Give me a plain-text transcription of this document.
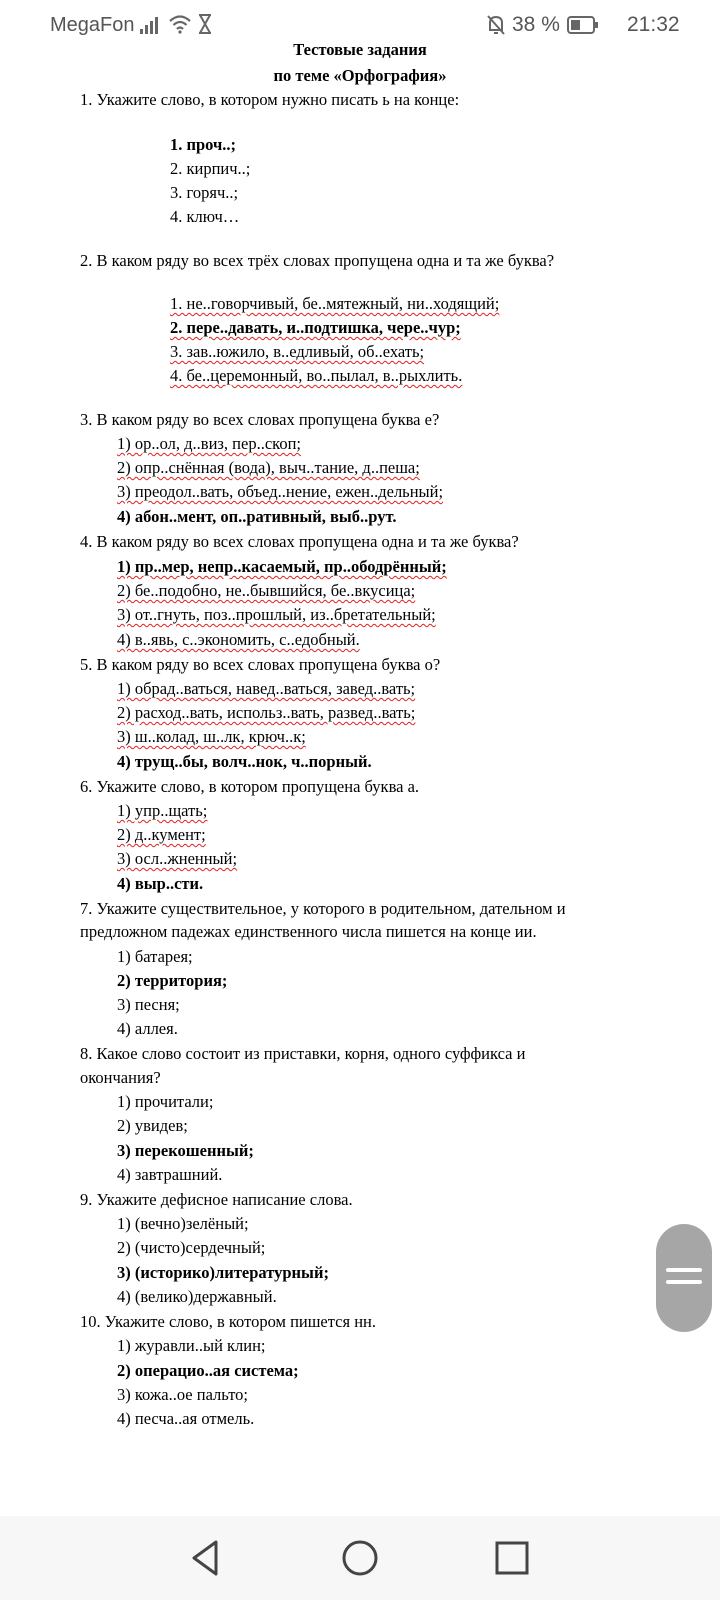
MegaFon	38 %	21:32
Тестовые задания
по теме «Орфография»
1. Укажите слово, в котором нужно писать ь на конце:
1. проч..;
2. кирпич..;
3. горяч..;
4. ключ…
2. В каком ряду во всех трёх словах пропущена одна и та же буква?
1. не..говорчивый, бе..мятежный, ни..ходящий;
2. пере..давать, и..подтишка, чере..чур;
3. зав..южило, в..едливый, об..ехать;
4. бе..церемонный, во..пылал, в..рыхлить.
3. В каком ряду во всех словах пропущена буква е?
1) ор..ол, д..виз, пер..скоп;
2) опр..снённая (вода), выч..тание, д..пеша;
3) преодол..вать, объед..нение, ежен..дельный;
4) абон..мент, оп..ративный, выб..рут.
4. В каком ряду во всех словах пропущена одна и та же буква?
1) пр..мер, непр..касаемый, пр..ободрённый;
2) бе..подобно, не..бывшийся, бе..вкусица;
3) от..гнуть, поз..прошлый, из..бретательный;
4) в..явь, с..экономить, с..едобный.
5. В каком ряду во всех словах пропущена буква о?
1) обрад..ваться, навед..ваться, завед..вать;
2) расход..вать, использ..вать, развед..вать;
3) ш..колад, ш..лк, крюч..к;
4) трущ..бы, волч..нок, ч..порный.
6. Укажите слово, в котором пропущена буква а.
1) упр..щать;
2) д..кумент;
3) осл..жненный;
4) выр..сти.
7. Укажите существительное, у которого в родительном, дательном и
предложном падежах единственного числа пишется на конце ии.
1) батарея;
2) территория;
3) песня;
4) аллея.
8. Какое слово состоит из приставки, корня, одного суффикса и
окончания?
1) прочитали;
2) увидев;
3) перекошенный;
4) завтрашний.
9. Укажите дефисное написание слова.
1) (вечно)зелёный;
2) (чисто)сердечный;
3) (историко)литературный;
4) (велико)державный.
10. Укажите слово, в котором пишется нн.
1) журавли..ый клин;
2) операцио..ая система;
3) кожа..ое пальто;
4) песча..ая отмель.
